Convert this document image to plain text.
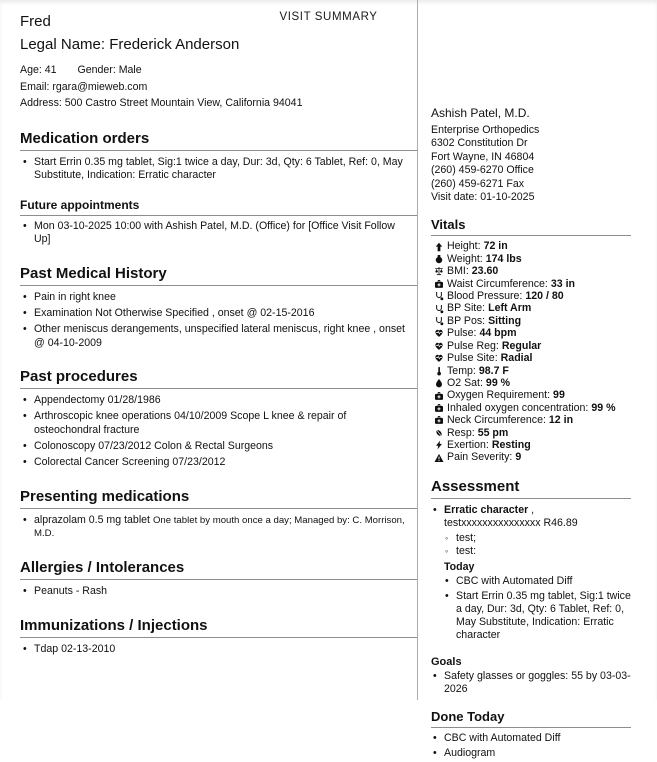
VISIT SUMMARY
Fred
Legal Name: Frederick Anderson
Age: 41 Gender: Male
Email: rgara@mieweb.com
Address: 500 Castro Street Mountain View, California 94041
Medication orders
• Start Errin 0.35 mg tablet, Sig:1 twice a day, Dur: 3d, Qty: 6 Tablet, Ref: 0, May Substitute, Indication: Erratic character
Future appointments
• Mon 03-10-2025 10:00 with Ashish Patel, M.D. (Office) for [Office Visit Follow Up]
Past Medical History
• Pain in right knee
• Examination Not Otherwise Specified , onset @ 02-15-2016
• Other meniscus derangements, unspecified lateral meniscus, right knee , onset @ 04-10-2009
Past procedures
• Appendectomy 01/28/1986
• Arthroscopic knee operations 04/10/2009 Scope L knee & repair of osteochondral fracture
• Colonoscopy 07/23/2012 Colon & Rectal Surgeons
• Colorectal Cancer Screening 07/23/2012
Presenting medications
• alprazolam 0.5 mg tablet One tablet by mouth once a day; Managed by: C. Morrison, M.D.
Allergies / Intolerances
• Peanuts - Rash
Immunizations / Injections
• Tdap 02-13-2010
Ashish Patel, M.D.
Enterprise Orthopedics
6302 Constitution Dr
Fort Wayne, IN 46804
(260) 459-6270 Office
(260) 459-6271 Fax
Visit date: 01-10-2025
Vitals
Height: 72 in
Weight: 174 lbs
BMI: 23.60
Waist Circumference: 33 in
Blood Pressure: 120 / 80
BP Site: Left Arm
BP Pos: Sitting
Pulse: 44 bpm
Pulse Reg: Regular
Pulse Site: Radial
Temp: 98.7 F
O2 Sat: 99 %
Oxygen Requirement: 99
Inhaled oxygen concentration: 99 %
Neck Circumference: 12 in
Resp: 55 pm
Exertion: Resting
Pain Severity: 9
Assessment
• Erratic character , testxxxxxxxxxxxxxxx R46.89
◦ test;
◦ test:
Today
• CBC with Automated Diff
• Start Errin 0.35 mg tablet, Sig:1 twice a day, Dur: 3d, Qty: 6 Tablet, Ref: 0, May Substitute, Indication: Erratic character
Goals
• Safety glasses or goggles: 55 by 03-03-2026
Done Today
• CBC with Automated Diff
• Audiogram
